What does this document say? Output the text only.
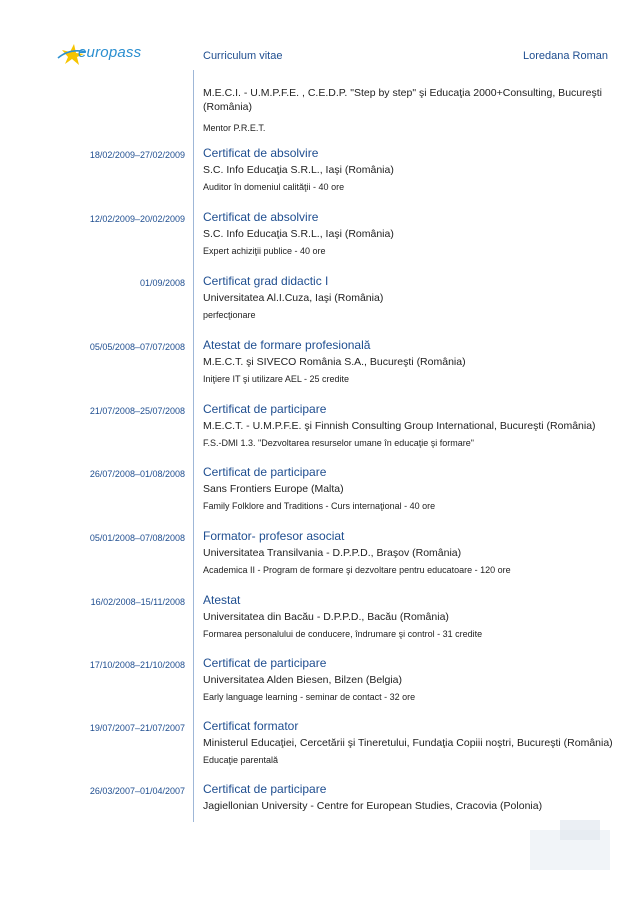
europass	Curriculum vitae	Loredana Roman
M.E.C.I. - U.M.P.F.E. , C.E.D.P. "Step by step" şi Educaţia 2000+Consulting, Bucureşti (România)
Mentor P.R.E.T.
18/02/2009–27/02/2009 Certificat de absolvire
S.C. Info Educaţia S.R.L., Iaşi (România)
Auditor în domeniul calităţii - 40 ore
12/02/2009–20/02/2009 Certificat de absolvire
S.C. Info Educaţia S.R.L., Iaşi (România)
Expert achiziţii publice - 40 ore
01/09/2008 Certificat grad didactic I
Universitatea Al.I.Cuza, Iaşi (România)
perfecţionare
05/05/2008–07/07/2008 Atestat de formare profesională
M.E.C.T. şi SIVECO România S.A., Bucureşti (România)
Iniţiere IT şi utilizare AEL - 25 credite
21/07/2008–25/07/2008 Certificat de participare
M.E.C.T. - U.M.P.F.E. şi Finnish Consulting Group International, Bucureşti (România)
F.S.-DMI 1.3. "Dezvoltarea resurselor umane în educaţie şi formare"
26/07/2008–01/08/2008 Certificat de participare
Sans Frontiers Europe (Malta)
Family Folklore and Traditions - Curs internaţional - 40 ore
05/01/2008–07/08/2008 Formator- profesor asociat
Universitatea Transilvania - D.P.P.D., Braşov (România)
Academica II - Program de formare şi dezvoltare pentru educatoare - 120 ore
16/02/2008–15/11/2008 Atestat
Universitatea din Bacău - D.P.P.D., Bacău (România)
Formarea personalului de conducere, îndrumare şi control - 31 credite
17/10/2008–21/10/2008 Certificat de participare
Universitatea Alden Biesen, Bilzen (Belgia)
Early language learning - seminar de contact - 32 ore
19/07/2007–21/07/2007 Certificat formator
Ministerul Educaţiei, Cercetării şi Tineretului, Fundaţia Copiii noştri, Bucureşti (România)
Educaţie parentală
26/03/2007–01/04/2007 Certificat de participare
Jagiellonian University - Centre for European Studies, Cracovia (Polonia)
